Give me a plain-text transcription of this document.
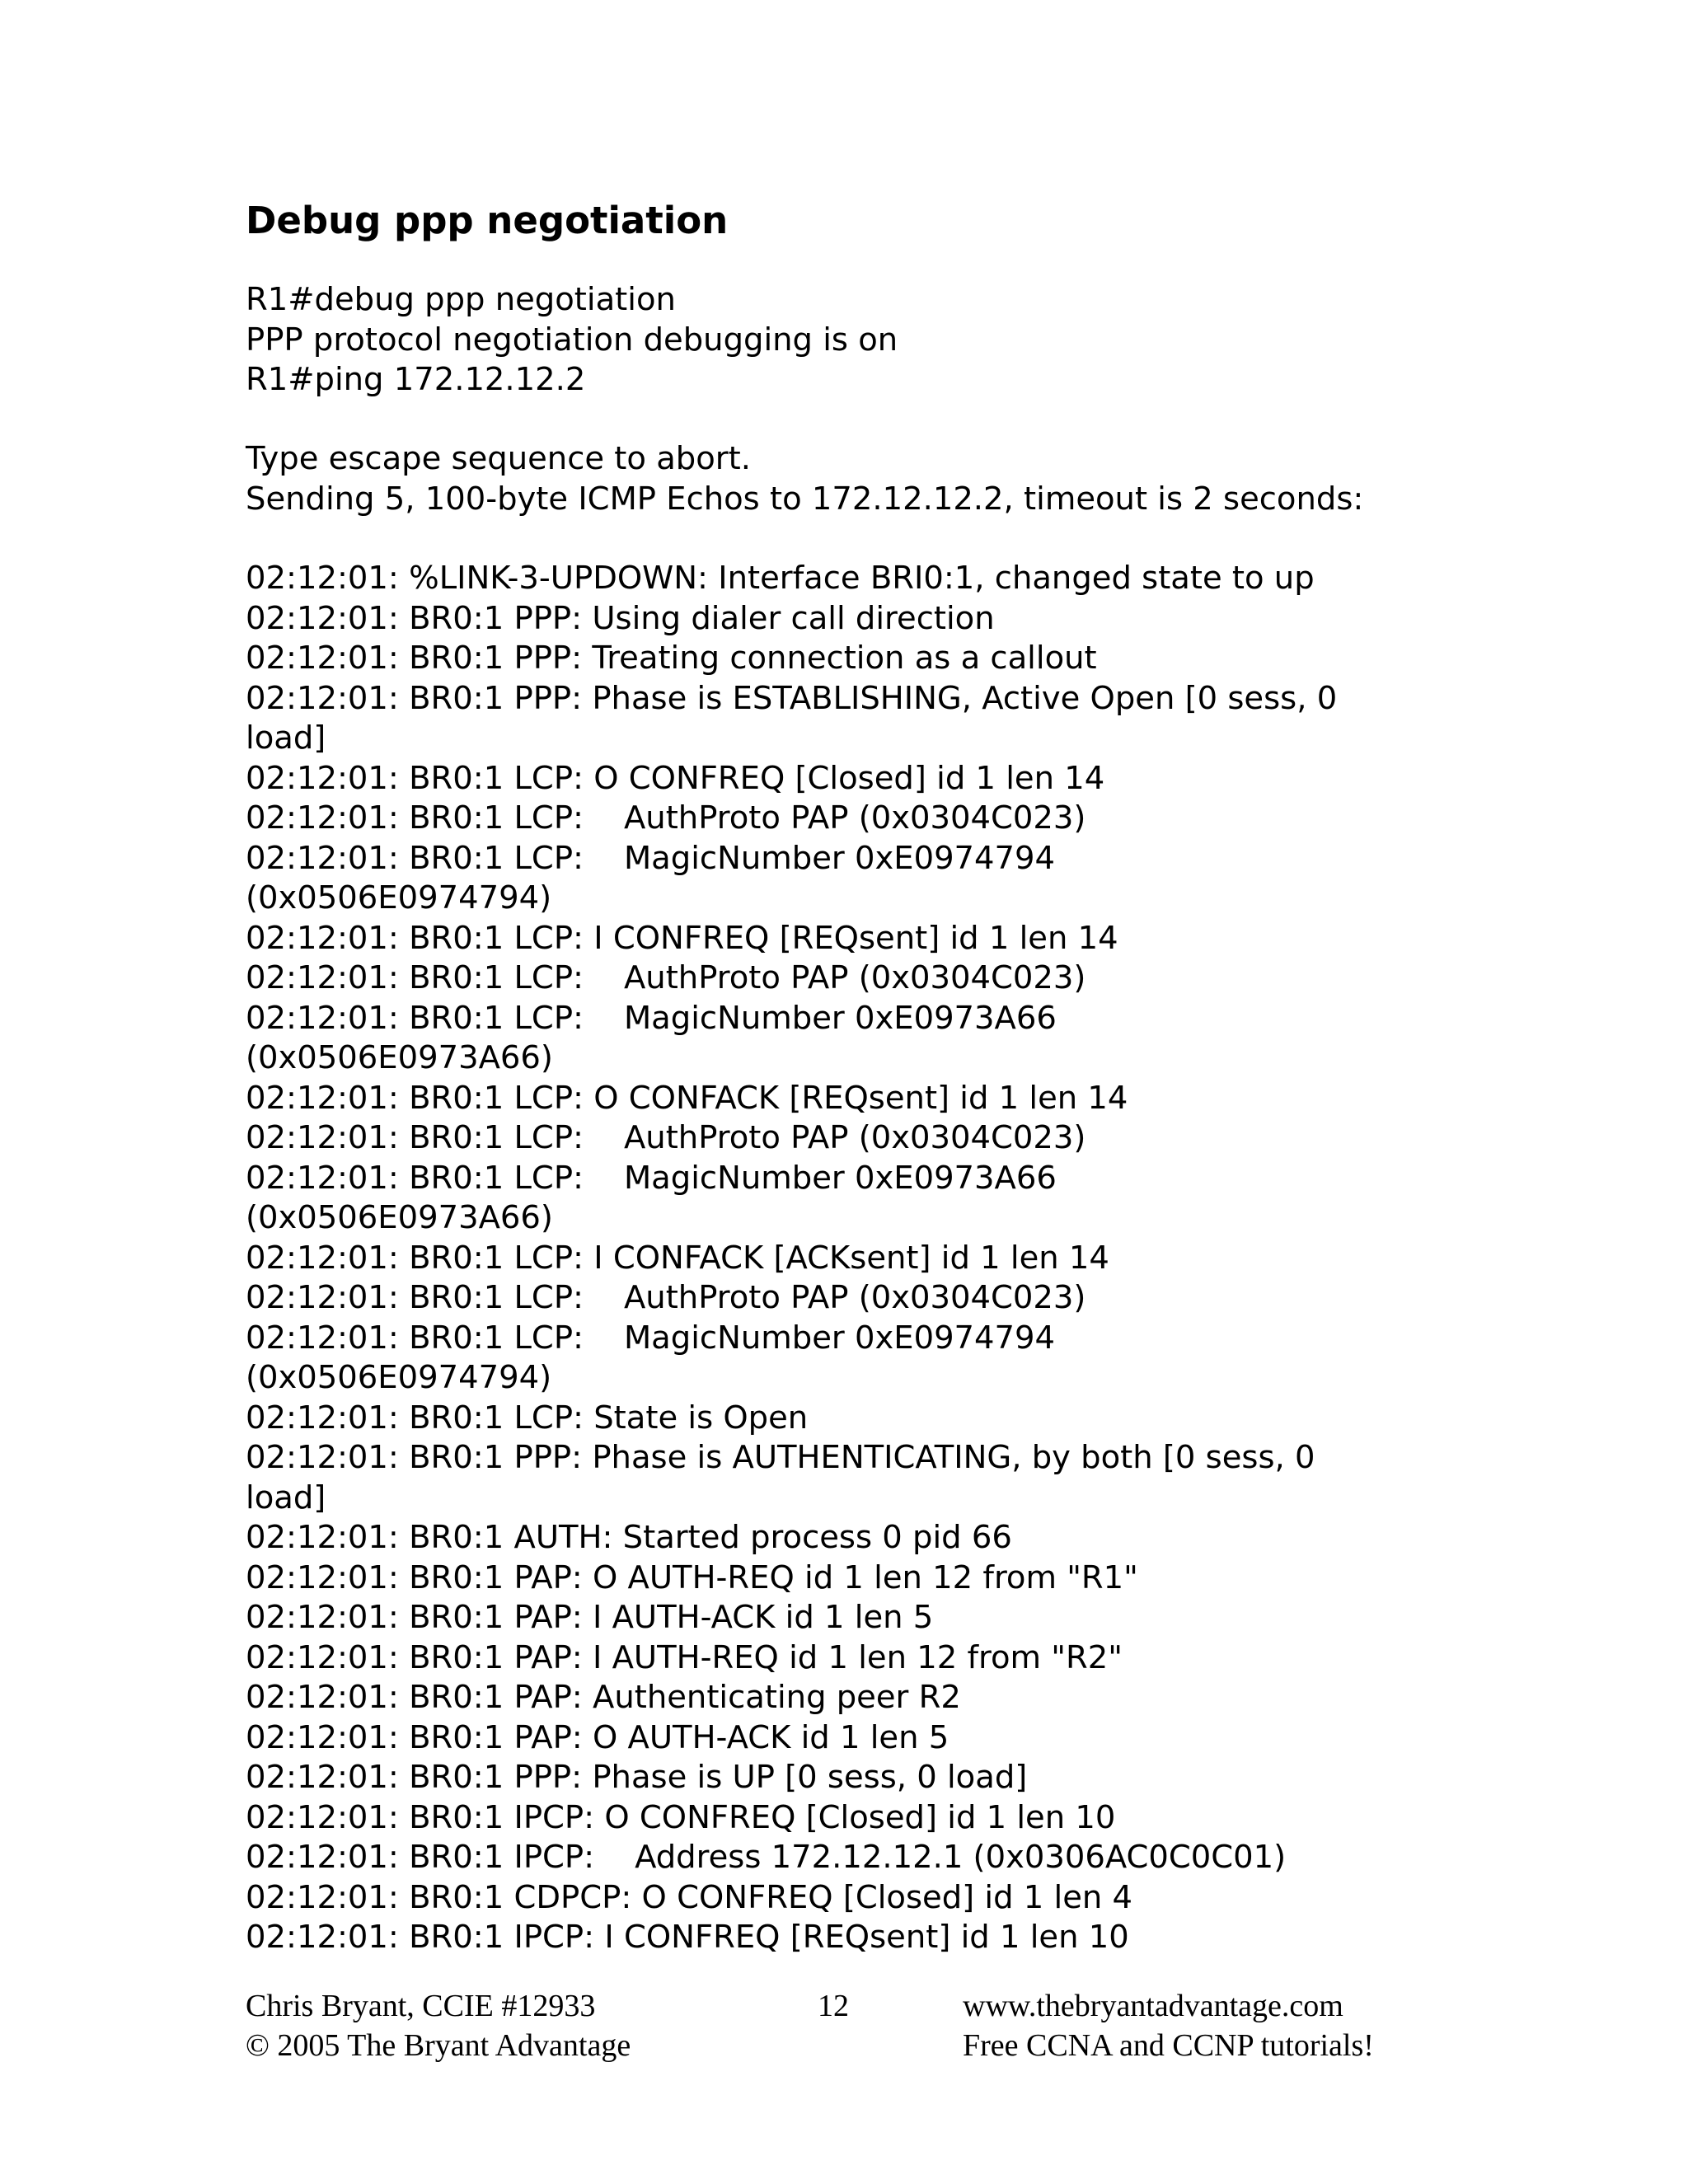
Debug ppp negotiation
R1#debug ppp negotiation
PPP protocol negotiation debugging is on
R1#ping 172.12.12.2
Type escape sequence to abort.
Sending 5, 100-byte ICMP Echos to 172.12.12.2, timeout is 2 seconds:
02:12:01: %LINK-3-UPDOWN: Interface BRI0:1, changed state to up
02:12:01: BR0:1 PPP: Using dialer call direction
02:12:01: BR0:1 PPP: Treating connection as a callout
02:12:01: BR0:1 PPP: Phase is ESTABLISHING, Active Open [0 sess, 0
load]
02:12:01: BR0:1 LCP: O CONFREQ [Closed] id 1 len 14
02:12:01: BR0:1 LCP:    AuthProto PAP (0x0304C023)
02:12:01: BR0:1 LCP:    MagicNumber 0xE0974794
(0x0506E0974794)
02:12:01: BR0:1 LCP: I CONFREQ [REQsent] id 1 len 14
02:12:01: BR0:1 LCP:    AuthProto PAP (0x0304C023)
02:12:01: BR0:1 LCP:    MagicNumber 0xE0973A66
(0x0506E0973A66)
02:12:01: BR0:1 LCP: O CONFACK [REQsent] id 1 len 14
02:12:01: BR0:1 LCP:    AuthProto PAP (0x0304C023)
02:12:01: BR0:1 LCP:    MagicNumber 0xE0973A66
(0x0506E0973A66)
02:12:01: BR0:1 LCP: I CONFACK [ACKsent] id 1 len 14
02:12:01: BR0:1 LCP:    AuthProto PAP (0x0304C023)
02:12:01: BR0:1 LCP:    MagicNumber 0xE0974794
(0x0506E0974794)
02:12:01: BR0:1 LCP: State is Open
02:12:01: BR0:1 PPP: Phase is AUTHENTICATING, by both [0 sess, 0
load]
02:12:01: BR0:1 AUTH: Started process 0 pid 66
02:12:01: BR0:1 PAP: O AUTH-REQ id 1 len 12 from "R1"
02:12:01: BR0:1 PAP: I AUTH-ACK id 1 len 5
02:12:01: BR0:1 PAP: I AUTH-REQ id 1 len 12 from "R2"
02:12:01: BR0:1 PAP: Authenticating peer R2
02:12:01: BR0:1 PAP: O AUTH-ACK id 1 len 5
02:12:01: BR0:1 PPP: Phase is UP [0 sess, 0 load]
02:12:01: BR0:1 IPCP: O CONFREQ [Closed] id 1 len 10
02:12:01: BR0:1 IPCP:    Address 172.12.12.1 (0x0306AC0C0C01)
02:12:01: BR0:1 CDPCP: O CONFREQ [Closed] id 1 len 4
02:12:01: BR0:1 IPCP: I CONFREQ [REQsent] id 1 len 10
Chris Bryant, CCIE #12933
© 2005 The Bryant Advantage
12	www.thebryantadvantage.com
Free CCNA and CCNP tutorials!
